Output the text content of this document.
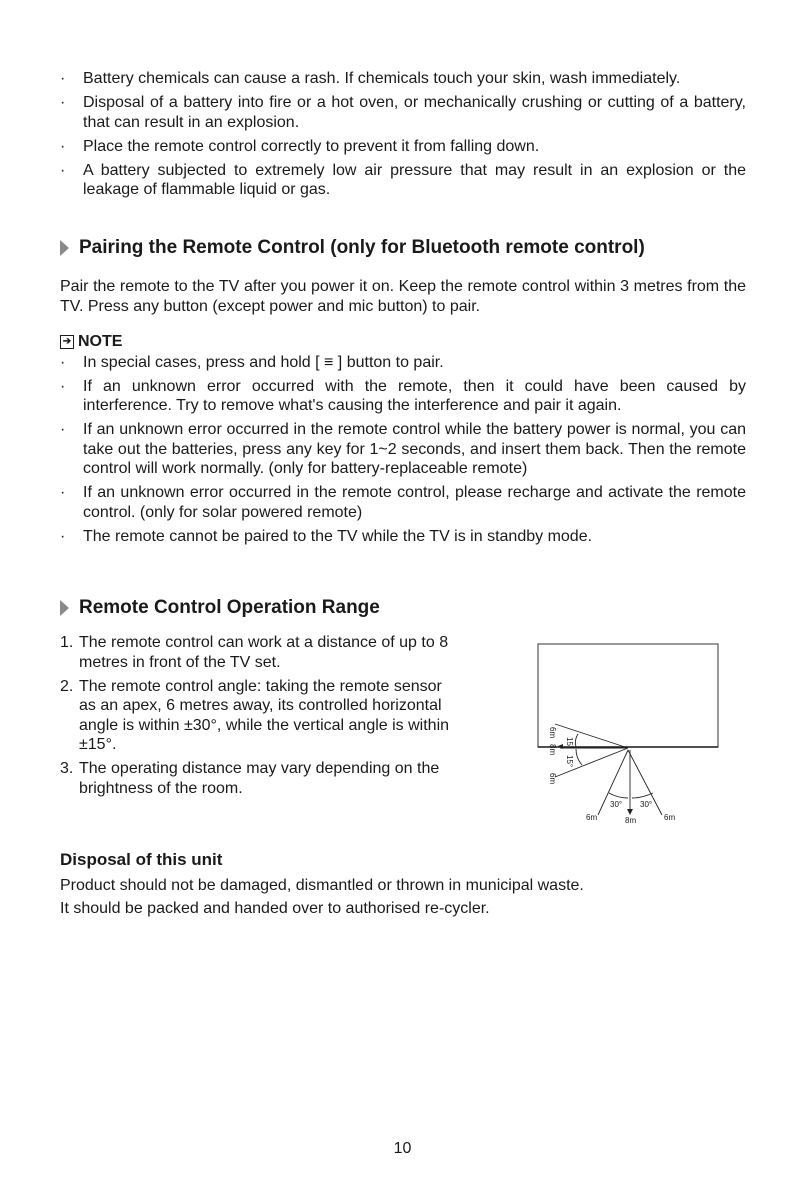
· Battery chemicals can cause a rash. If chemicals touch your skin, wash immediately.
· Disposal of a battery into fire or a hot oven, or mechanically crushing or cutting of a battery, that can result in an explosion.
· Place the remote control correctly to prevent it from falling down.
· A battery subjected to extremely low air pressure that may result in an explosion or the leakage of flammable liquid or gas.
Pairing the Remote Control (only for Bluetooth remote control)

Pair the remote to the TV after you power it on. Keep the remote control within 3 metres from the TV. Press any button (except power and mic button) to pair.

➔ NOTE
· In special cases, press and hold [ ≡ ] button to pair.
· If an unknown error occurred with the remote, then it could have been caused by interference. Try to remove what's causing the interference and pair it again.
· If an unknown error occurred in the remote control while the battery power is normal, you can take out the batteries, press any key for 1~2 seconds, and insert them back. Then the remote control will work normally. (only for battery-replaceable remote)
· If an unknown error occurred in the remote control, please recharge and activate the remote control. (only for solar powered remote)
· The remote cannot be paired to the TV while the TV is in standby mode.
Remote Control Operation Range
1. The remote control can work at a distance of up to 8 metres in front of the TV set.
2. The remote control angle: taking the remote sensor as an apex, 6 metres away, its controlled horizontal angle is within ±30°, while the vertical angle is within ±15°.
3. The operating distance may vary depending on the brightness of the room.
6m
15°
8m
15°
6m
30° 30°
6m	8m	6m
Disposal of this unit
Product should not be damaged, dismantled or thrown in municipal waste.
It should be packed and handed over to authorised re-cycler.
10
